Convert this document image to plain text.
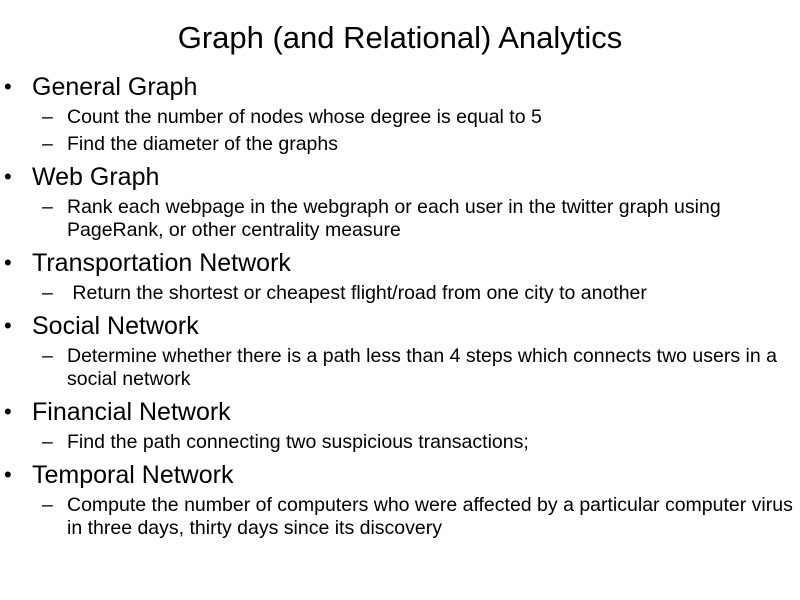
Graph (and Relational) Analytics
• General Graph
– Count the number of nodes whose degree is equal to 5
– Find the diameter of the graphs
• Web Graph
– Rank each webpage in the webgraph or each user in the twitter graph using PageRank, or other centrality measure
• Transportation Network
– Return the shortest or cheapest flight/road from one city to another
• Social Network
– Determine whether there is a path less than 4 steps which connects two users in a social network
• Financial Network
– Find the path connecting two suspicious transactions;
• Temporal Network
– Compute the number of computers who were affected by a particular computer virus in three days, thirty days since its discovery
